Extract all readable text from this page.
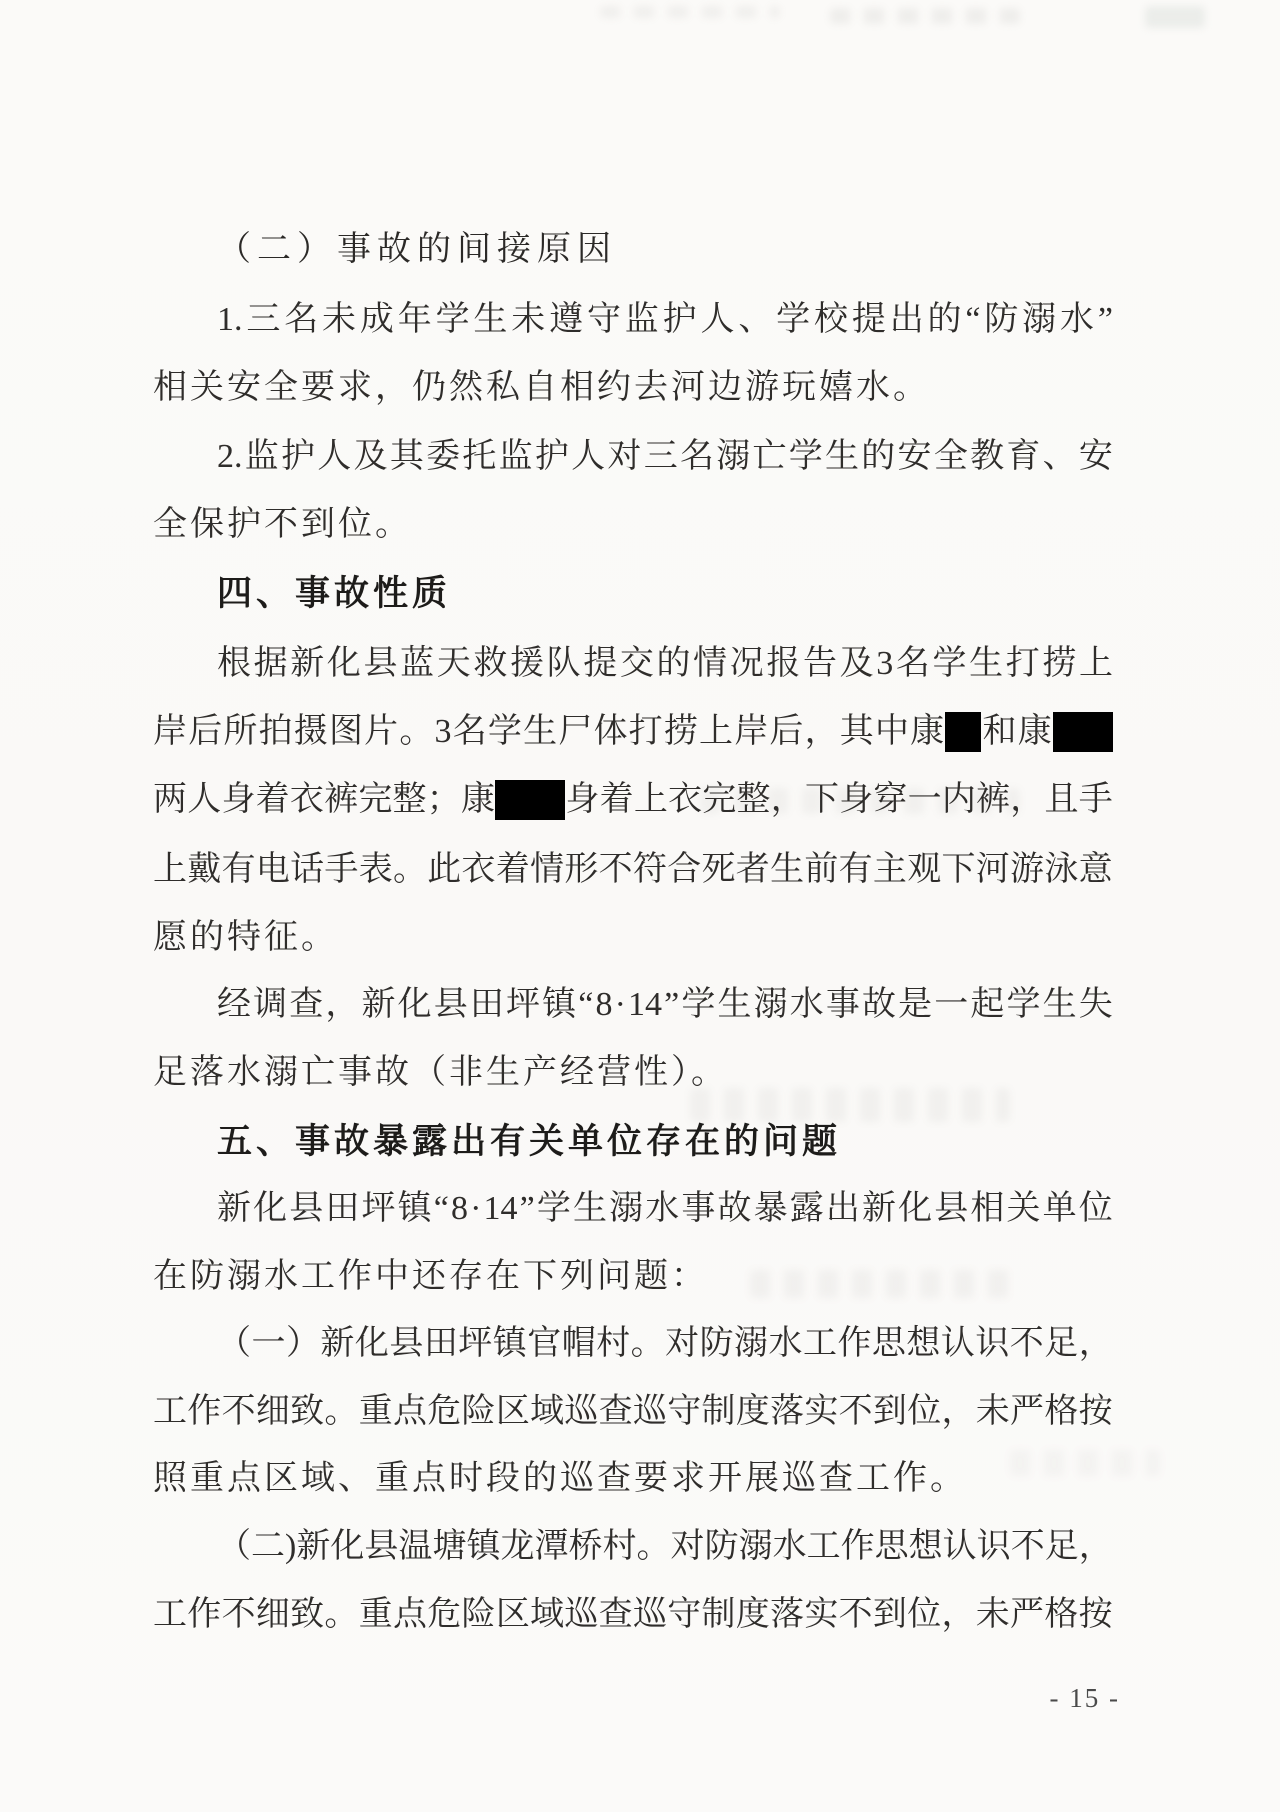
（二）事故的间接原因
1. 三 名 未 成 年 学 生 未 遵 守 监 护 人 、 学 校 提 出 的 “ 防 溺 水 ”
相关安全要求，仍然私自相约去河边游玩嬉水。
2. 监 护 人 及 其 委 托 监 护 人 对 三 名 溺 亡 学 生 的 安 全 教 育 、 安
全保护不到位。
四、事故性质
根 据 新 化 县 蓝 天 救 援 队 提 交 的 情 况 报 告 及 3 名 学 生 打 捞 上
岸 后 所 拍 摄 图 片 。 3 名 学 生 尸 体 打 捞 上 岸 后 ， 其 中 康 和 康
两 人 身 着 衣 裤 完 整 ； 康 身 着 上 衣 完 整 ， 下 身 穿 一 内 裤 ， 且 手
上 戴 有 电 话 手 表 。 此 衣 着 情 形 不 符 合 死 者 生 前 有 主 观 下 河 游 泳 意
愿的特征。
经 调 查 ， 新 化 县 田 坪 镇 “ 8 · 14 ” 学 生 溺 水 事 故 是 一 起 学 生 失
足落水溺亡事故（非生产经营性）。
五、事故暴露出有关单位存在的问题
新 化 县 田 坪 镇 “ 8 · 14 ” 学 生 溺 水 事 故 暴 露 出 新 化 县 相 关 单 位
在防溺水工作中还存在下列问题：
（ 一 ） 新 化 县 田 坪 镇 官 帽 村 。 对 防 溺 水 工 作 思 想 认 识 不 足 ，
工 作 不 细 致 。 重 点 危 险 区 域 巡 查 巡 守 制 度 落 实 不 到 位 ， 未 严 格 按
照重点区域、重点时段的巡查要求开展巡查工作。
（ 二 ) 新 化 县 温 塘 镇 龙 潭 桥 村 。 对 防 溺 水 工 作 思 想 认 识 不 足 ，
工 作 不 细 致 。 重 点 危 险 区 域 巡 查 巡 守 制 度 落 实 不 到 位 ， 未 严 格 按
- 15 -
